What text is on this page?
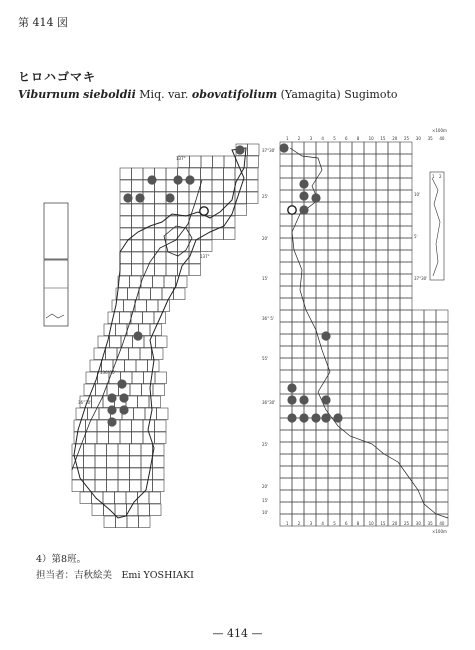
第 414 図
ヒロハゴマキ
Viburnum sieboldii Miq. var. obovatifolium (Yamagita) Sugimoto
137°
137°
136°30'
36°30'
1 2 3 4 5 6 8 10 15 20 25 30 35 40
×100m
1 2 3 4 5 6 8 10 15 20 25 30 35 40
×100m
37°30'
25'
20'
15'
36° 5'
55'
36°30'
25'
20'
15'
10'
10'
5'
37°30'
1 2
4）第8班。
担当者：吉秋絵美　Emi YOSHIAKI
— 414 —
